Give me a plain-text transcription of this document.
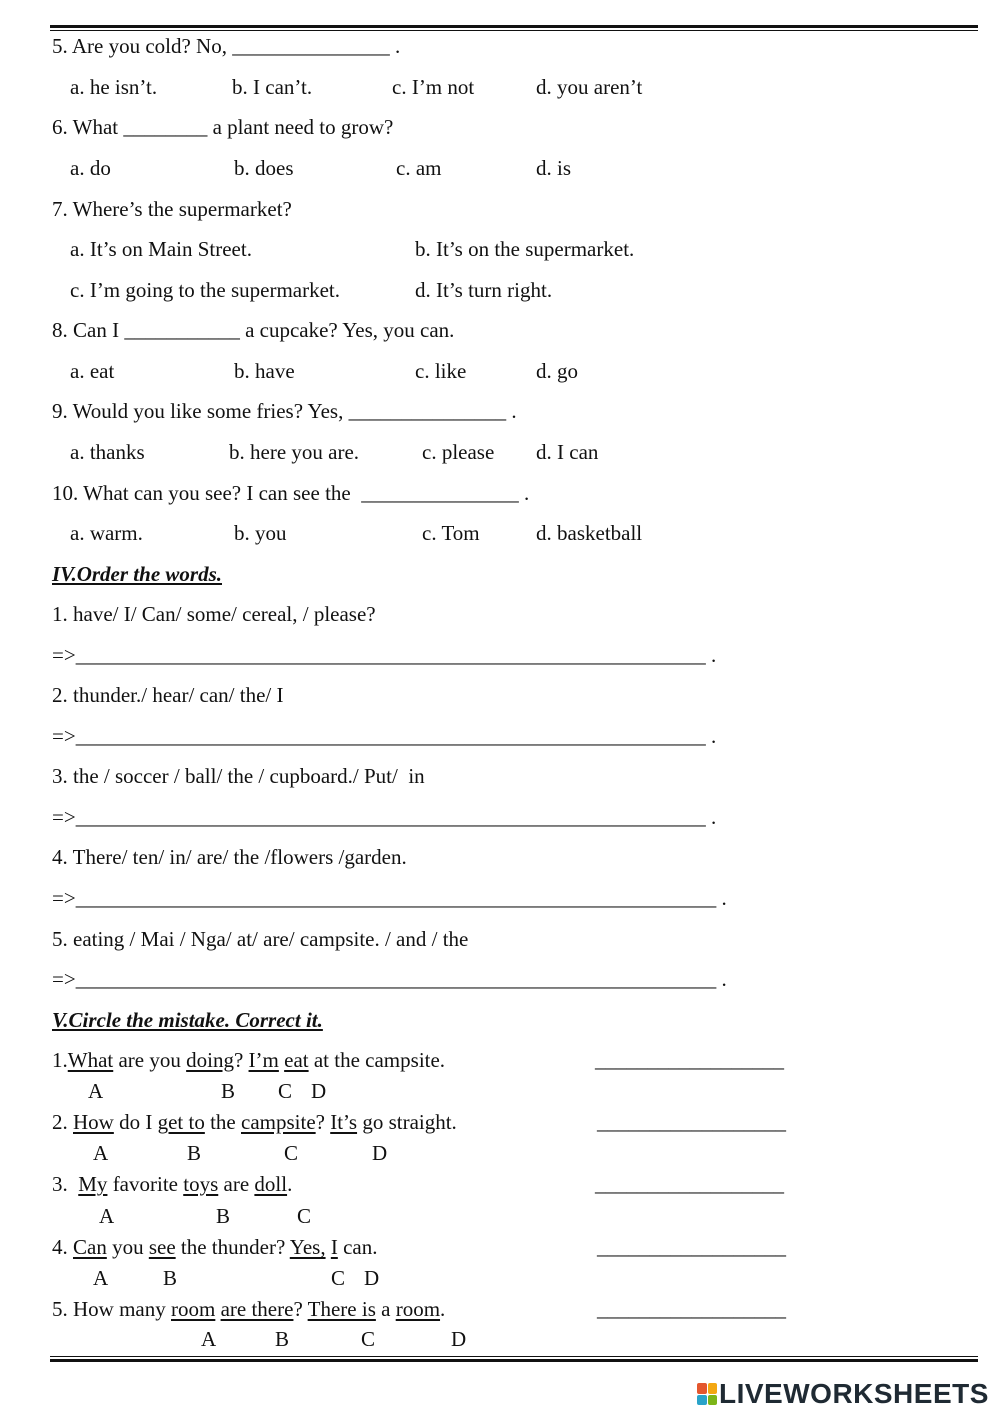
5. Are you cold? No, _______________ .
a. he isn’t.	b. I can’t.	c. I’m not	d. you aren’t
6. What ________ a plant need to grow?
a. do	b. does	c. am	d. is
7. Where’s the supermarket?
a. It’s on Main Street.	b. It’s on the supermarket.
c. I’m going to the supermarket.	d. It’s turn right.
8. Can I ___________ a cupcake? Yes, you can.
a. eat	b. have	c. like	d. go
9. Would you like some fries? Yes, _______________ .
a. thanks	b. here you are.	c. please d. I can
10. What can you see? I can see the  _______________ .
a. warm.	b. you	c. Tom	d. basketball
IV.Order the words.
1. have/ I/ Can/ some/ cereal, / please?
=>____________________________________________________________ .
2. thunder./ hear/ can/ the/ I
=>____________________________________________________________ .
3. the / soccer / ball/ the / cupboard./ Put/  in
=>____________________________________________________________ .
4. There/ ten/ in/ are/ the /flowers /garden.
=>_____________________________________________________________ .
5. eating / Mai / Nga/ at/ are/ campsite. / and / the
=>_____________________________________________________________ .
V.Circle the mistake. Correct it.
1.What are you doing? I’m eat at the campsite.	__________________
A	B C D
2. How do I get to the campsite? It’s go straight.	__________________
A	B	C	D
3.  My favorite toys are doll.	__________________
A	B	C
4. Can you see the thunder? Yes, I can.	__________________
A	B	C D
5. How many room are there? There is a room.	__________________
A	B	C	D
LIVEWORKSHEETS
